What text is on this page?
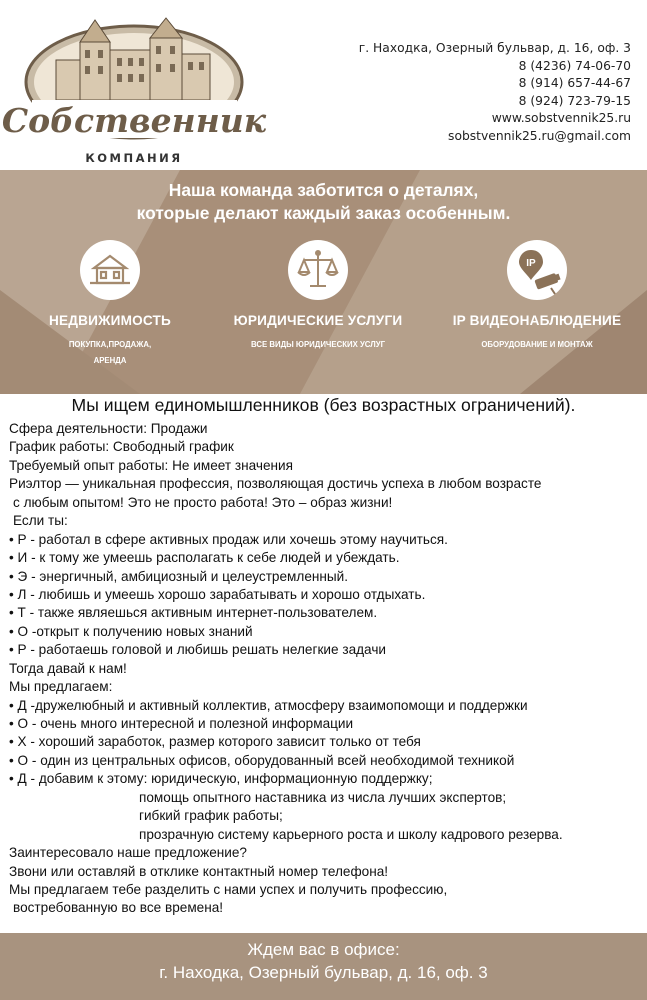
Собственник
КОМПАНИЯ
г. Находка, Озерный бульвар, д. 16, оф. 3
8 (4236) 74-06-70
8 (914) 657-44-67
8 (924) 723-79-15
www.sobstvennik25.ru
sobstvennik25.ru@gmail.com
Наша команда заботится о деталях,
которые делают каждый заказ особенным.
НЕДВИЖИМОСТЬ
ПОКУПКА,ПРОДАЖА,
АРЕНДА
ЮРИДИЧЕСКИЕ УСЛУГИ
ВСЕ ВИДЫ ЮРИДИЧЕСКИХ УСЛУГ
IP
IP ВИДЕОНАБЛЮДЕНИЕ
ОБОРУДОВАНИЕ И МОНТАЖ
Мы ищем единомышленников (без возрастных ограничений).
Сфера деятельности: Продажи
График работы: Свободный график
Требуемый опыт работы: Не имеет значения
Риэлтор — уникальная профессия, позволяющая достичь успеха в любом возрасте
с любым опытом! Это не просто работа! Это – образ жизни!
Если ты:
• Р - работал в сфере активных продаж или хочешь этому научиться.
• И - к тому же умеешь располагать к себе людей и убеждать.
• Э - энергичный, амбициозный и целеустремленный.
• Л - любишь и умеешь хорошо зарабатывать и хорошо отдыхать.
• Т - также являешься активным интернет-пользователем.
• О -открыт к получению новых знаний
• Р - работаешь головой и любишь решать нелегкие задачи
Тогда давай к нам!
Мы предлагаем:
• Д -дружелюбный и активный коллектив, атмосферу взаимопомощи и поддержки
• О - очень много интересной и полезной информации
• Х - хороший заработок, размер которого зависит только от тебя
• О - один из центральных офисов, оборудованный всей необходимой техникой
• Д - добавим к этому: юридическую, информационную поддержку;
помощь опытного наставника из числа лучших экспертов;
гибкий график работы;
прозрачную систему карьерного роста и школу кадрового резерва.
Заинтересовало наше предложение?
Звони или оставляй в отклике контактный номер телефона!
Мы предлагаем тебе разделить с нами успех и получить профессию,
востребованную во все времена!
Ждем вас в офисе:
г. Находка, Озерный бульвар, д. 16, оф. 3
